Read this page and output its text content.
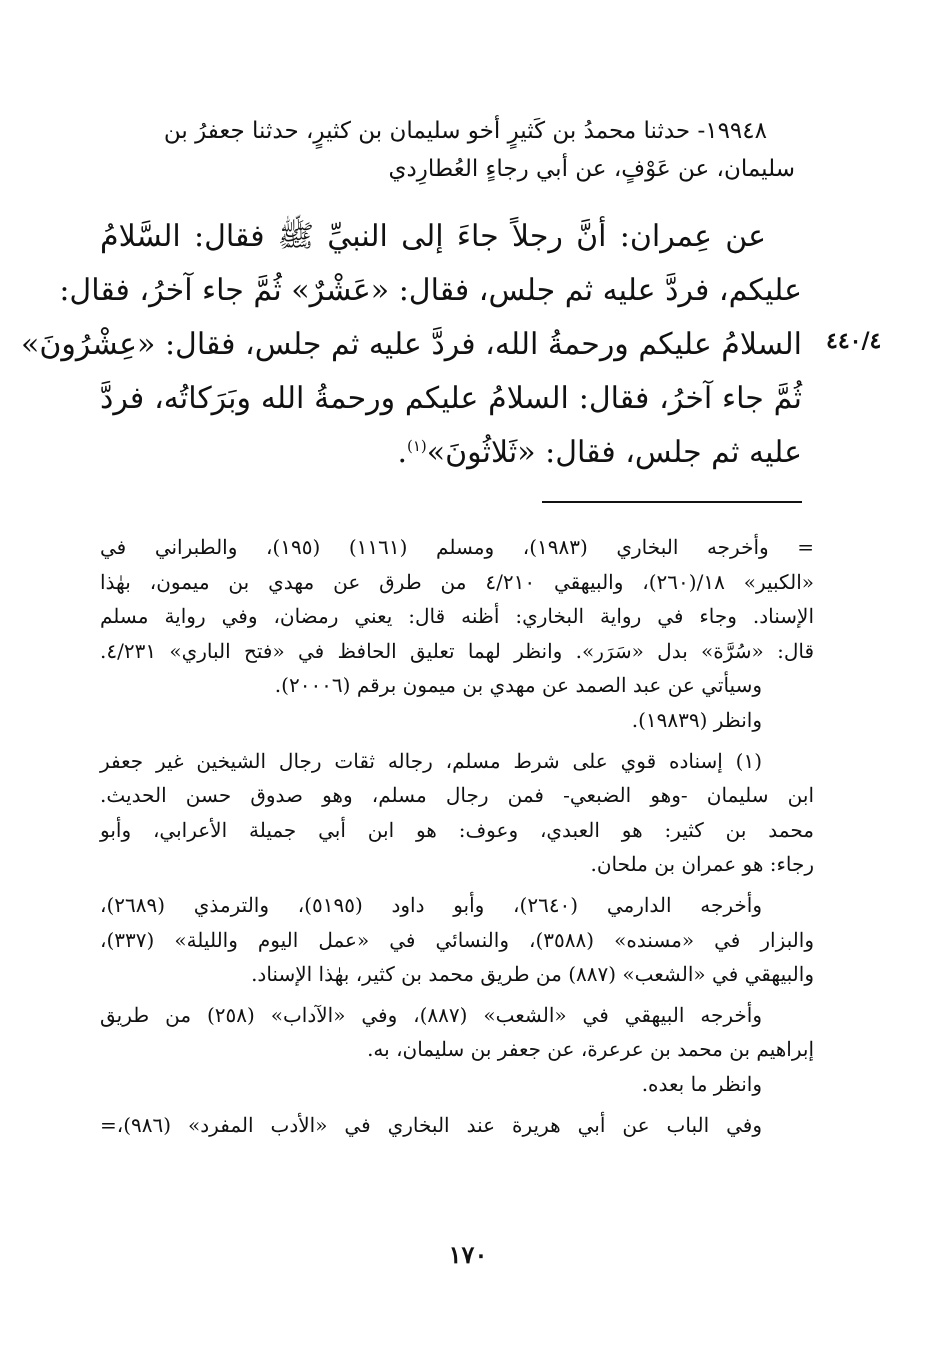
١٩٩٤٨- حدثنا محمدُ بن كَثيرٍ أخو سليمان بن كثيرٍ، حدثنا جعفرُ بن
سليمان، عن عَوْفٍ، عن أبي رجاءٍ العُطارِدي
عن عِمران: أنَّ رجلاً جاءَ إلى النبيِّ ﷺ فقال: السَّلامُ
عليكم، فردَّ عليه ثم جلس، فقال: «عَشْرٌ» ثُمَّ جاء آخرُ، فقال:
السلامُ عليكم ورحمةُ الله، فردَّ عليه ثم جلس، فقال: «عِشْرُونَ»
ثُمَّ جاء آخرُ، فقال: السلامُ عليكم ورحمةُ الله وبَرَكاتُه، فردَّ
عليه ثم جلس، فقال: «ثَلاثُونَ»$^{(١)}$.
٤٤٠/٤
= وأخرجه البخاري (١٩٨٣)، ومسلم (١١٦١) (١٩٥)، والطبراني في
«الكبير» ١٨/(٢٦٠)، والبيهقي ٤/٢١٠ من طرق عن مهدي بن ميمون، بهٰذا
الإسناد. وجاء في رواية البخاري: أظنه قال: يعني رمضان، وفي رواية مسلم
قال: «سُرَّة» بدل «سَرَر». وانظر لهما تعليق الحافظ في «فتح الباري» ٤/٢٣١.
وسيأتي عن عبد الصمد عن مهدي بن ميمون برقم (٢٠٠٠٦).
وانظر (١٩٨٣٩).
(١) إسناده قوي على شرط مسلم، رجاله ثقات رجال الشيخين غير جعفر
ابن سليمان -وهو الضبعي- فمن رجال مسلم، وهو صدوق حسن الحديث.
محمد بن كثير: هو العبدي، وعوف: هو ابن أبي جميلة الأعرابي، وأبو
رجاء: هو عمران بن ملحان.
وأخرجه الدارمي (٢٦٤٠)، وأبو داود (٥١٩٥)، والترمذي (٢٦٨٩)،
والبزار في «مسنده» (٣٥٨٨)، والنسائي في «عمل اليوم والليلة» (٣٣٧)،
والبيهقي في «الشعب» (٨٨٧) من طريق محمد بن كثير، بهٰذا الإسناد.
وأخرجه البيهقي في «الشعب» (٨٨٧)، وفي «الآداب» (٢٥٨) من طريق
إبراهيم بن محمد بن عرعرة، عن جعفر بن سليمان، به.
وانظر ما بعده.
وفي الباب عن أبي هريرة عند البخاري في «الأدب المفرد» (٩٨٦)،=
١٧٠
